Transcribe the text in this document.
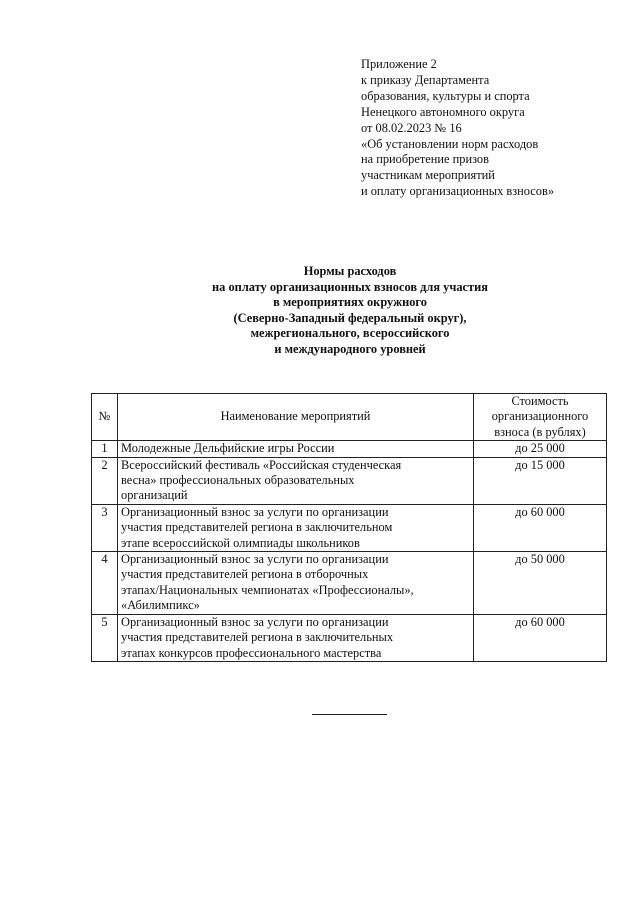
Приложение 2
к приказу Департамента
образования, культуры и спорта
Ненецкого автономного округа
от 08.02.2023 № 16
«Об установлении норм расходов
на приобретение призов
участникам мероприятий
и оплату организационных взносов»
Нормы расходов
на оплату организационных взносов для участия
в мероприятиях окружного
(Северно-Западный федеральный округ),
межрегионального, всероссийского
и международного уровней
№	Наименование мероприятий	Стоимость
организационного
взноса (в рублях)

1	Молодежные Дельфийские игры России	до 25 000
2	Всероссийский фестиваль «Российская студенческая
весна» профессиональных образовательных
организаций	до 15 000
3	Организационный взнос за услуги по организации
участия представителей региона в заключительном
этапе всероссийской олимпиады школьников	до 60 000
4	Организационный взнос за услуги по организации
участия представителей региона в отборочных
этапах/Национальных чемпионатах «Профессионалы»,
«Абилимпикс»	до 50 000
5	Организационный взнос за услуги по организации
участия представителей региона в заключительных
этапах конкурсов профессионального мастерства	до 60 000
